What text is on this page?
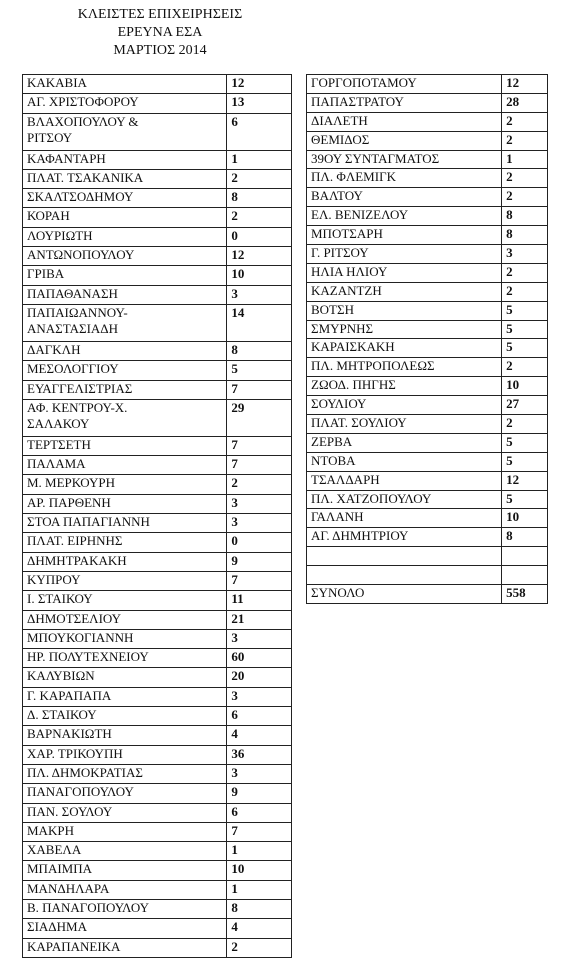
ΚΛΕΙΣΤΕΣ ΕΠΙΧΕΙΡΗΣΕΙΣ
ΕΡΕΥΝΑ ΕΣΑ
ΜΑΡΤΙΟΣ 2014
ΚΑΚΑΒΙΑ	12
ΑΓ. ΧΡΙΣΤΟΦΟΡΟΥ	13
ΒΛΑΧΟΠΟΥΛΟΥ &
ΡΙΤΣΟΥ	6
ΚΑΦΑΝΤΑΡΗ	1
ΠΛΑΤ. ΤΣΑΚΑΝΙΚΑ	2
ΣΚΑΛΤΣΟΔΗΜΟΥ	8
ΚΟΡΑΗ	2
ΛΟΥΡΙΩΤΗ	0
ΑΝΤΩΝΟΠΟΥΛΟΥ	12
ΓΡΙΒΑ	10
ΠΑΠΑΘΑΝΑΣΗ	3
ΠΑΠΑΙΩΑΝΝΟΥ-
ΑΝΑΣΤΑΣΙΑΔΗ	14
ΔΑΓΚΛΗ	8
ΜΕΣΟΛΟΓΓΙΟΥ	5
ΕΥΑΓΓΕΛΙΣΤΡΙΑΣ	7
ΑΦ. ΚΕΝΤΡΟΥ-Χ.
ΣΑΛΑΚΟΥ	29
ΤΕΡΤΣΕΤΗ	7
ΠΑΛΑΜΑ	7
Μ. ΜΕΡΚΟΥΡΗ	2
ΑΡ. ΠΑΡΘΕΝΗ	3
ΣΤΟΑ ΠΑΠΑΓΙΑΝΝΗ	3
ΠΛΑΤ. ΕΙΡΗΝΗΣ	0
ΔΗΜΗΤΡΑΚΑΚΗ	9
ΚΥΠΡΟΥ	7
Ι. ΣΤΑΙΚΟΥ	11
ΔΗΜΟΤΣΕΛΙΟΥ	21
ΜΠΟΥΚΟΓΙΑΝΝΗ	3
ΗΡ. ΠΟΛΥΤΕΧΝΕΙΟΥ	60
ΚΑΛΥΒΙΩΝ	20
Γ. ΚΑΡΑΠΑΠΑ	3
Δ. ΣΤΑΙΚΟΥ	6
ΒΑΡΝΑΚΙΩΤΗ	4
ΧΑΡ. ΤΡΙΚΟΥΠΗ	36
ΠΛ. ΔΗΜΟΚΡΑΤΙΑΣ	3
ΠΑΝΑΓΟΠΟΥΛΟΥ	9
ΠΑΝ. ΣΟΥΛΟΥ	6
ΜΑΚΡΗ	7
ΧΑΒΕΛΑ	1
ΜΠΑΙΜΠΑ	10
ΜΑΝΔΗΛΑΡΑ	1
Β. ΠΑΝΑΓΟΠΟΥΛΟΥ	8
ΣΙΑΔΗΜΑ	4
ΚΑΡΑΠΑΝΕΙΚΑ	2
ΓΟΡΓΟΠΟΤΑΜΟΥ	12
ΠΑΠΑΣΤΡΑΤΟΥ	28
ΔΙΑΛΕΤΗ	2
ΘΕΜΙΔΟΣ	2
39ΟΥ ΣΥΝΤΑΓΜΑΤΟΣ	1
ΠΛ. ΦΛΕΜΙΓΚ	2
ΒΑΛΤΟΥ	2
ΕΛ. ΒΕΝΙΖΕΛΟΥ	8
ΜΠΟΤΣΑΡΗ	8
Γ. ΡΙΤΣΟΥ	3
ΗΛΙΑ ΗΛΙΟΥ	2
ΚΑΖΑΝΤΖΗ	2
ΒΟΤΣΗ	5
ΣΜΥΡΝΗΣ	5
ΚΑΡΑΙΣΚΑΚΗ	5
ΠΛ. ΜΗΤΡΟΠΟΛΕΩΣ	2
ΖΩΟΔ. ΠΗΓΗΣ	10
ΣΟΥΛΙΟΥ	27
ΠΛΑΤ. ΣΟΥΛΙΟΥ	2
ΖΕΡΒΑ	5
ΝΤΟΒΑ	5
ΤΣΑΛΔΑΡΗ	12
ΠΛ. ΧΑΤΖΟΠΟΥΛΟΥ	5
ΓΑΛΑΝΗ	10
ΑΓ. ΔΗΜΗΤΡΙΟΥ	8

ΣΥΝΟΛΟ	558
